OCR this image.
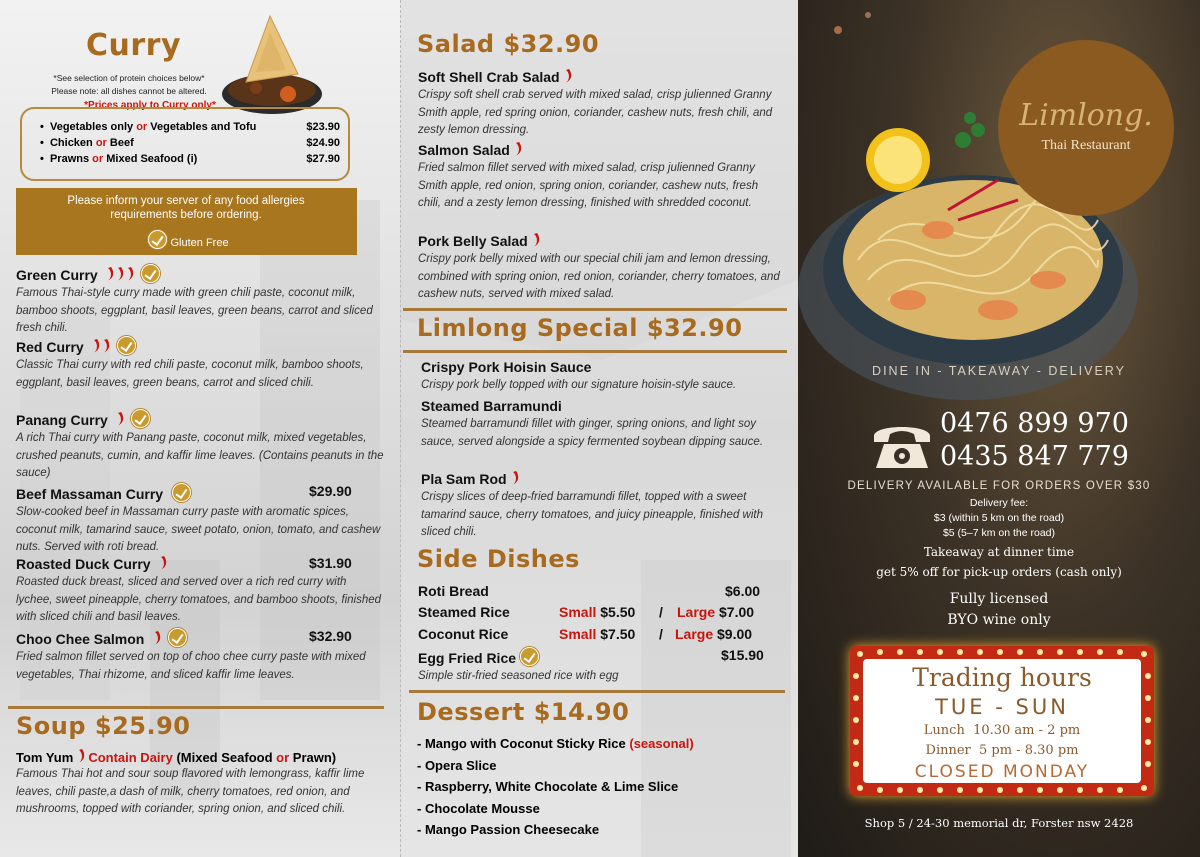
Curry
*See selection of protein choices below*
Please note: all dishes cannot be altered.
*Prices apply to Curry only*
•  Vegetables only or Vegetables and Tofu	$23.90
•  Chicken or Beef	$24.90
•  Prawns or Mixed Seafood (i)	$27.90
Please inform your server of any food allergies requirements before ordering.
Gluten Free
Green Curry
Famous Thai-style curry made with green chili paste, coconut milk, bamboo shoots, eggplant, basil leaves, green beans, carrot and sliced fresh chili.
Red Curry
Classic Thai curry with red chili paste, coconut milk, bamboo shoots, eggplant, basil leaves, green beans, carrot and sliced chili.
Panang Curry
A rich Thai curry with Panang paste, coconut milk, mixed vegetables, crushed peanuts, cumin, and kaffir lime leaves. (Contains peanuts in the sauce)
Beef Massaman Curry	$29.90
Slow-cooked beef in Massaman curry paste with aromatic spices, coconut milk, tamarind sauce, sweet potato, onion, tomato, and cashew nuts. Served with roti bread.
Roasted Duck Curry	$31.90
Roasted duck breast, sliced and served over a rich red curry with lychee, sweet pineapple, cherry tomatoes, and bamboo shoots, finished with sliced chili and basil leaves.
Choo Chee Salmon	$32.90
Fried salmon fillet served on top of choo chee curry paste with mixed vegetables, Thai rhizome, and sliced kaffir lime leaves.
Soup $25.90
Tom Yum Contain Dairy (Mixed Seafood or Prawn)
Famous Thai hot and sour soup flavored with lemongrass, kaffir lime leaves, chili paste,a dash of milk, cherry tomatoes, red onion, and mushrooms, topped with coriander, spring onion, and sliced chili.
Salad $32.90
Soft Shell Crab Salad
Crispy soft shell crab served with mixed salad, crisp julienned Granny Smith apple, red spring onion, coriander, cashew nuts, fresh chili, and zesty lemon dressing.
Salmon Salad
Fried salmon fillet served with mixed salad, crisp julienned Granny Smith apple, red onion, spring onion, coriander, cashew nuts, fresh chili, and a zesty lemon dressing, finished with shredded coconut.
Pork Belly Salad
Crispy pork belly mixed with our special chili jam and lemon dressing, combined with spring onion, red onion, coriander, cherry tomatoes, and cashew nuts, served with mixed salad.
Limlong Special $32.90
Crispy Pork Hoisin Sauce
Crispy pork belly topped with our signature hoisin-style sauce.
Steamed Barramundi
Steamed barramundi fillet with ginger, spring onions, and light soy sauce, served alongside a spicy fermented soybean dipping sauce.
Pla Sam Rod
Crispy slices of deep-fried barramundi fillet, topped with a sweet tamarind sauce, cherry tomatoes, and juicy pineapple, finished with sliced chili.
Side Dishes
Roti Bread	$6.00
Steamed Rice	Small $5.50 / Large $7.00
Coconut Rice	Small $7.50 / Large $9.00
Egg Fried Rice	$15.90
Simple stir-fried seasoned rice with egg
Dessert $14.90
- Mango with Coconut Sticky Rice (seasonal)
- Opera Slice
- Raspberry, White Chocolate & Lime Slice
- Chocolate Mousse
- Mango Passion Cheesecake
Limlong.
Thai Restaurant
DINE IN - TAKEAWAY - DELIVERY
0476 899 970
0435 847 779
DELIVERY AVAILABLE FOR ORDERS OVER $30
Delivery fee:
$3 (within 5 km on the road)
$5 (5–7 km on the road)
Takeaway at dinner time
get 5% off for pick-up orders (cash only)
Fully licensed
BYO wine only
Trading hours
TUE - SUN
Lunch  10.30 am - 2 pm
Dinner  5 pm - 8.30 pm
CLOSED MONDAY
Shop 5 / 24-30 memorial dr, Forster nsw 2428
